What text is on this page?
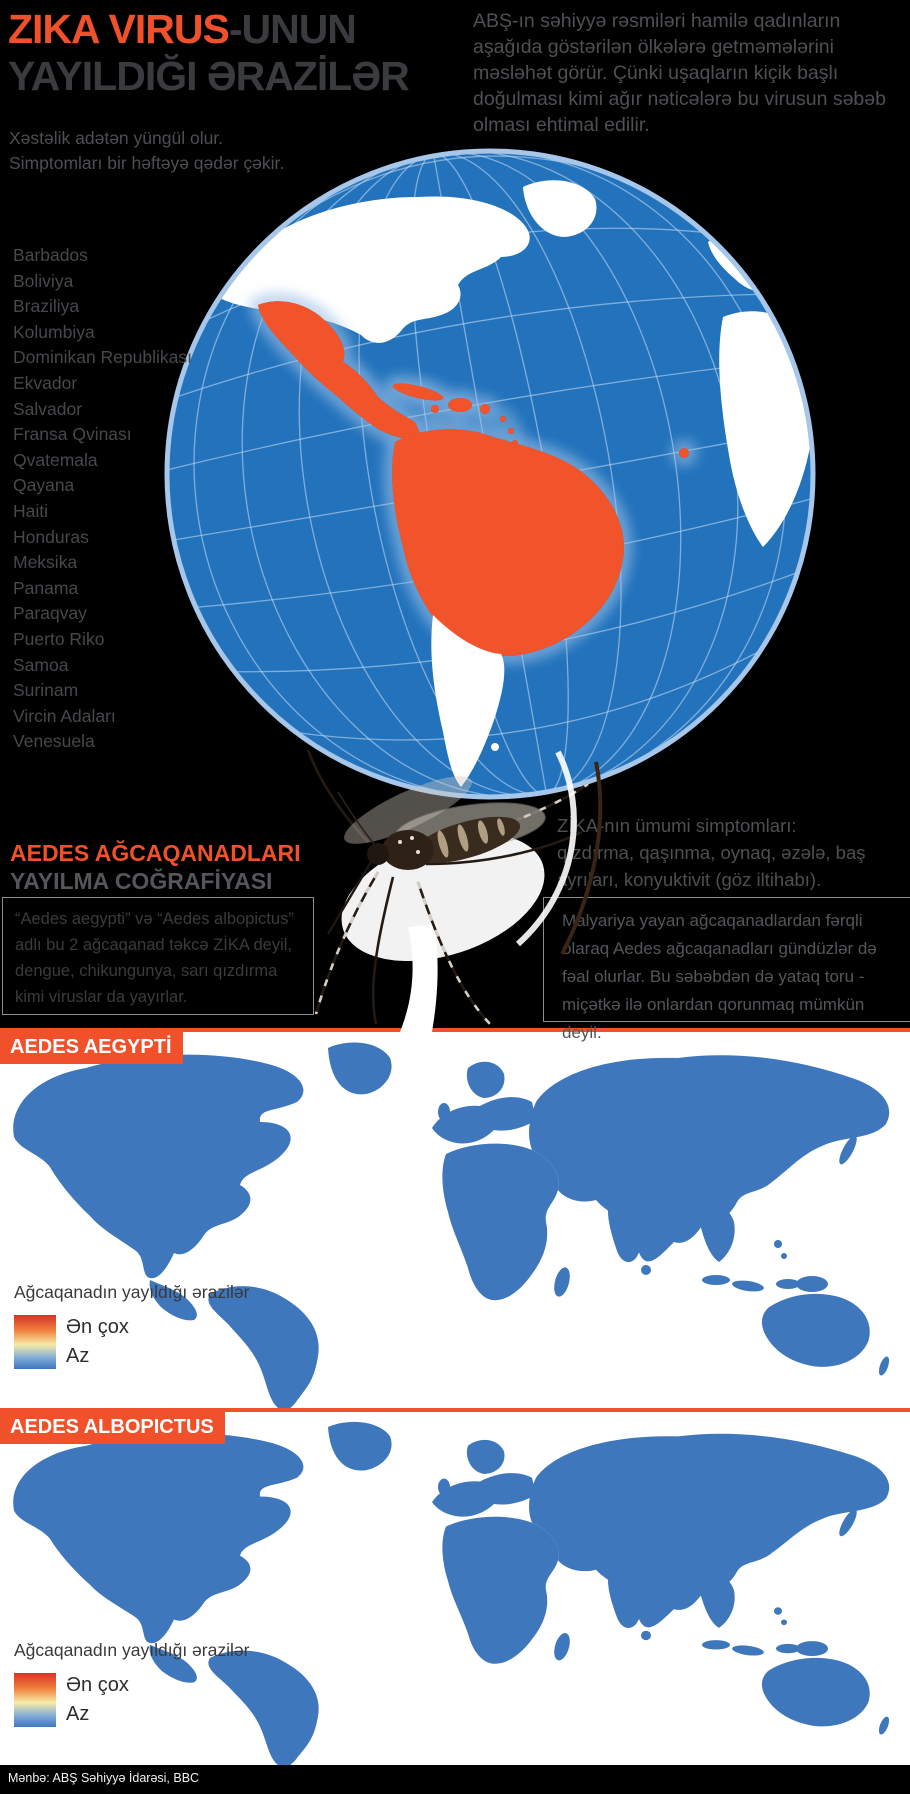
ZIKA VIRUS-UNUN
YAYILDIĞI ƏRAZİLƏR
Xəstəlik adətən yüngül olur.
Simptomları bir həftəyə qədər çəkir.
ABŞ-ın səhiyyə rəsmiləri hamilə qadınların aşağıda göstərilən ölkələrə getməmələrini məsləhət görür. Çünki uşaqların kiçik başlı doğulması kimi ağır nəticələrə bu virusun səbəb olması ehtimal edilir.
Barbados
Boliviya
Braziliya
Kolumbiya
Dominikan Republikası
Ekvador
Salvador
Fransa Qvinası
Qvatemala
Qayana
Haiti
Honduras
Meksika
Panama
Paraqvay
Puerto Riko
Samoa
Surinam
Vircin Adaları
Venesuela
AEDES AĞCAQANADLARI
YAYILMA COĞRAFİYASI
“Aedes aegypti” və “Aedes albopictus” adlı bu 2 ağcaqanad təkcə ZİKA deyil, dengue, chikungunya, sarı qızdırma kimi viruslar da yayırlar.
ZİKA-nın ümumi simptomları:
qızdırma, qaşınma, oynaq, əzələ, baş ayrıları, konyuktivit (göz iltihabı).
Malyariya yayan ağcaqanadlardan fərqli olaraq Aedes ağcaqanadları gündüzlər də fəal olurlar. Bu səbəbdən də yataq toru - miçətkə ilə onlardan qorunmaq mümkün deyil.
AEDES AEGYPTİ
Ağcaqanadın yayıldığı ərazilər
Ən çox
Az
AEDES ALBOPICTUS
Ağcaqanadın yayıldığı ərazilər
Ən çox
Az
Mənbə: ABŞ Səhiyyə İdarəsi, BBC
